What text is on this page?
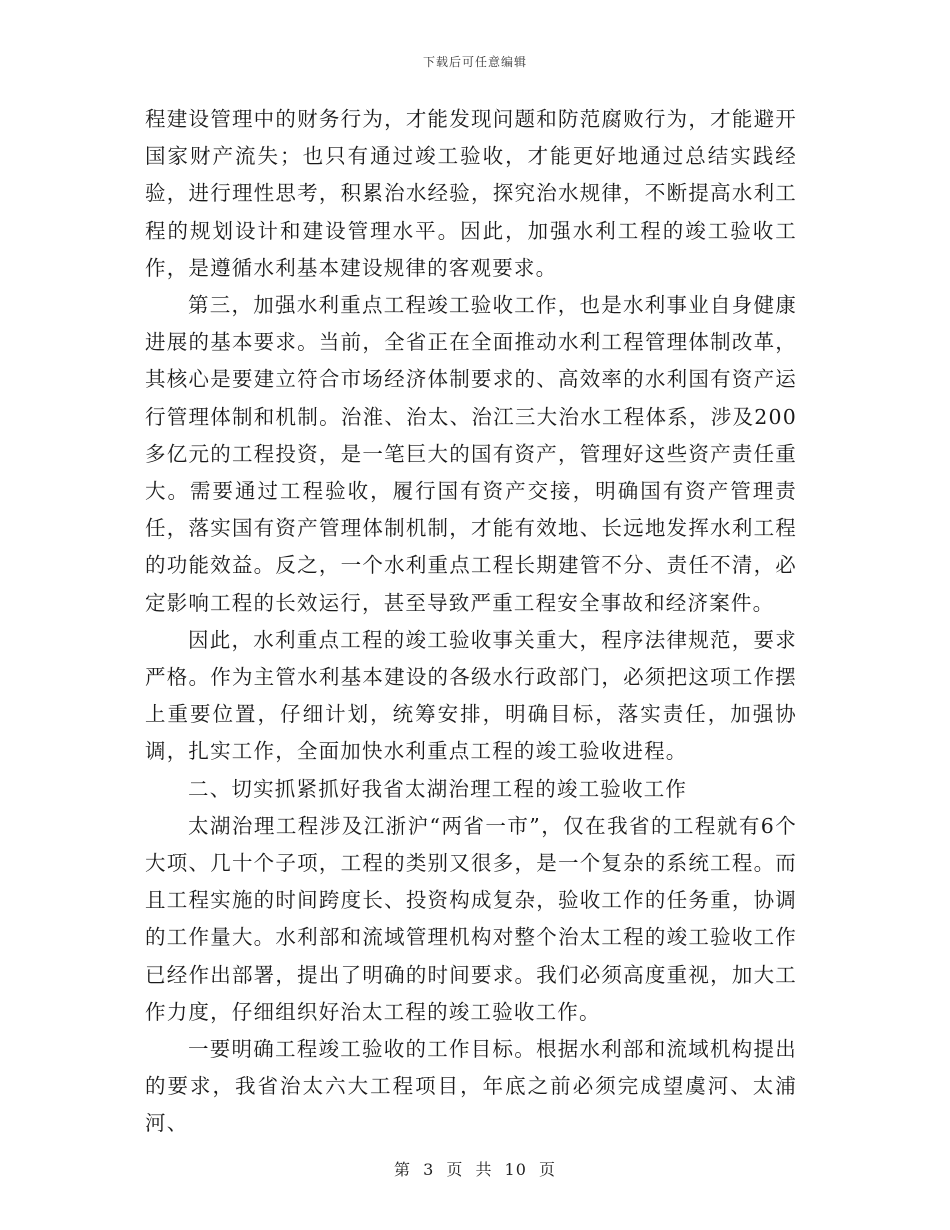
下载后可任意编辑

程建设管理中的财务行为，才能发现问题和防范腐败行为，才能避开国家财产流失；也只有通过竣工验收，才能更好地通过总结实践经验，进行理性思考，积累治水经验，探究治水规律，不断提高水利工程的规划设计和建设管理水平。因此，加强水利工程的竣工验收工作，是遵循水利基本建设规律的客观要求。

第三，加强水利重点工程竣工验收工作，也是水利事业自身健康进展的基本要求。当前，全省正在全面推动水利工程管理体制改革，其核心是要建立符合市场经济体制要求的、高效率的水利国有资产运行管理体制和机制。治淮、治太、治江三大治水工程体系，涉及200多亿元的工程投资，是一笔巨大的国有资产，管理好这些资产责任重大。需要通过工程验收，履行国有资产交接，明确国有资产管理责任，落实国有资产管理体制机制，才能有效地、长远地发挥水利工程的功能效益。反之，一个水利重点工程长期建管不分、责任不清，必定影响工程的长效运行，甚至导致严重工程安全事故和经济案件。

因此，水利重点工程的竣工验收事关重大，程序法律规范，要求严格。作为主管水利基本建设的各级水行政部门，必须把这项工作摆上重要位置，仔细计划，统筹安排，明确目标，落实责任，加强协调，扎实工作，全面加快水利重点工程的竣工验收进程。

二、切实抓紧抓好我省太湖治理工程的竣工验收工作

太湖治理工程涉及江浙沪“两省一市”，仅在我省的工程就有6个大项、几十个子项，工程的类别又很多，是一个复杂的系统工程。而且工程实施的时间跨度长、投资构成复杂，验收工作的任务重，协调的工作量大。水利部和流域管理机构对整个治太工程的竣工验收工作已经作出部署，提出了明确的时间要求。我们必须高度重视，加大工作力度，仔细组织好治太工程的竣工验收工作。

一要明确工程竣工验收的工作目标。根据水利部和流域机构提出的要求，我省治太六大工程项目，年底之前必须完成望虞河、太浦河、

第 3 页 共 10 页
